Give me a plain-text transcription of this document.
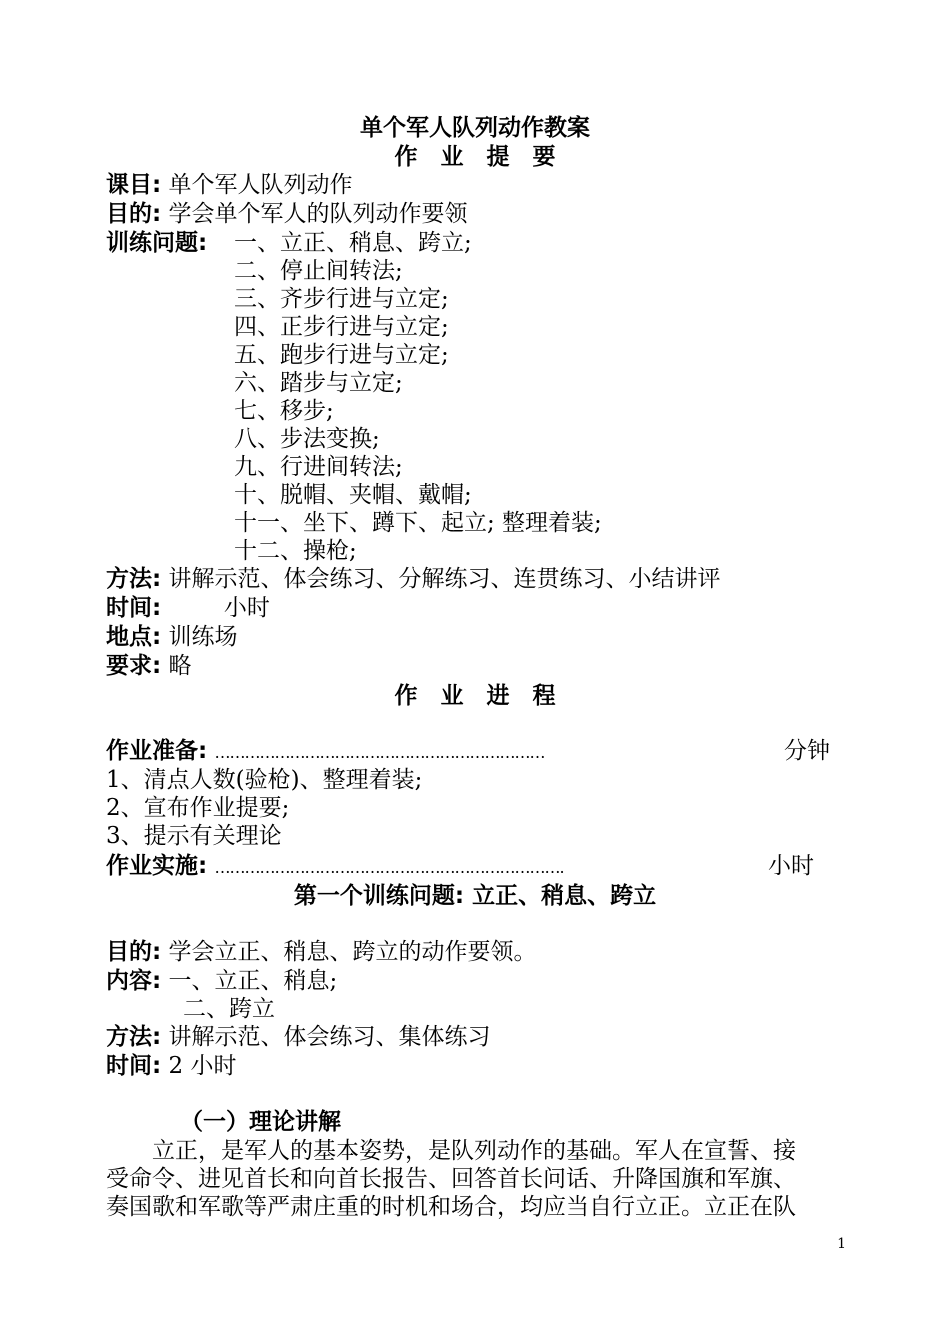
单个军人队列动作教案
作　业　提　要
课目: 单个军人队列动作
目的: 学会单个军人的队列动作要领
训练问题: 一、立正、稍息、跨立;
二、停止间转法;
三、齐步行进与立定;
四、正步行进与立定;
五、跑步行进与立定;
六、踏步与立定;
七、移步;
八、步法变换;
九、行进间转法;
十、脱帽、夹帽、戴帽;
十一、坐下、蹲下、起立; 整理着装;
十二、操枪;
方法: 讲解示范、体会练习、分解练习、连贯练习、小结讲评
时间:	小时
地点: 训练场
要求: 略
作　业　进　程
作业准备: …………………………………………………………	分钟
1、清点人数(验枪)、整理着装;
2、宣布作业提要;
3、提示有关理论
作业实施: …………………………………………………………….	小时
第一个训练问题: 立正、稍息、跨立
目的: 学会立正、稍息、跨立的动作要领。
内容: 一、立正、稍息;
二、跨立
方法: 讲解示范、体会练习、集体练习
时间: 2 小时
（一）理论讲解

立正，是军人的基本姿势，是队列动作的基础。军人在宣誓、接

受命令、进见首长和向首长报告、回答首长问话、升降国旗和军旗、

奏国歌和军歌等严肃庄重的时机和场合，均应当自行立正。立正在队

1
